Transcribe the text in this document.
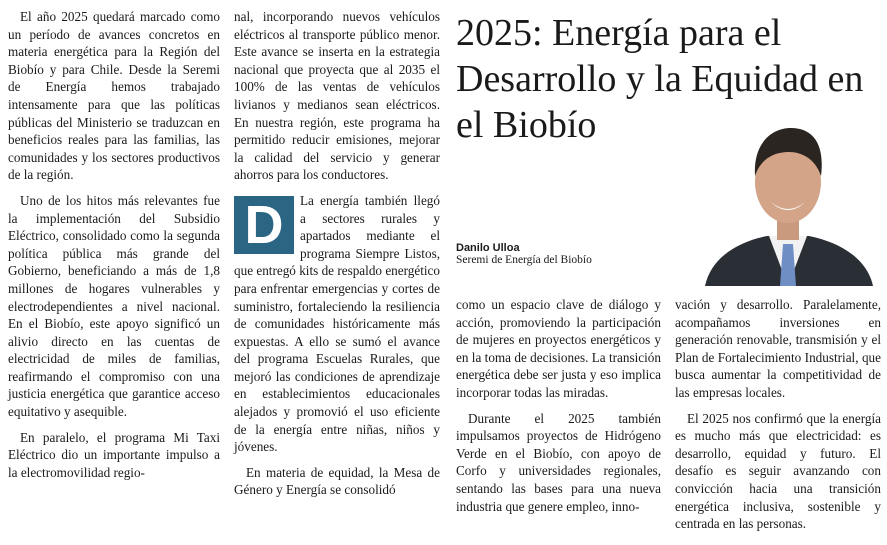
El año 2025 quedará marcado como un período de avances concretos en materia energética para la Región del Biobío y para Chile. Desde la Seremi de Energía hemos trabajado intensamente para que las políticas públicas del Ministerio se traduzcan en beneficios reales para las familias, las comunidades y los sectores productivos de la región.

Uno de los hitos más relevantes fue la implementación del Subsidio Eléctrico, consolidado como la segunda política pública más grande del Gobierno, beneficiando a más de 1,8 millones de hogares vulnerables y electrodependientes a nivel nacional. En el Biobío, este apoyo significó un alivio directo en las cuentas de electricidad de miles de familias, reafirmando el compromiso con una justicia energética que garantice acceso equitativo y asequible.

En paralelo, el programa Mi Taxi Eléctrico dio un importante impulso a la electromovilidad regio-

nal, incorporando nuevos vehículos eléctricos al transporte público menor. Este avance se inserta en la estrategia nacional que proyecta que al 2035 el 100% de las ventas de vehículos livianos y medianos sean eléctricos. En nuestra región, este programa ha permitido reducir emisiones, mejorar la calidad del servicio y generar ahorros para los conductores.

D	La energía también llegó a sectores rurales y apartados mediante el programa Siempre Listos, que entregó kits de respaldo energético para enfrentar emergencias y cortes de suministro, fortaleciendo la resiliencia de comunidades históricamente más expuestas. A ello se sumó el avance del programa Escuelas Rurales, que mejoró las condiciones de aprendizaje en establecimientos educacionales alejados y promovió el uso eficiente de la energía entre niñas, niños y jóvenes.

En materia de equidad, la Mesa de Género y Energía se consolidó

2025: Energía para el Desarrollo y la Equidad en el Biobío
Danilo Ulloa
Seremi de Energía del Biobío

como un espacio clave de diálogo y acción, promoviendo la participación de mujeres en proyectos energéticos y en la toma de decisiones. La transición energética debe ser justa y eso implica incorporar todas las miradas.

Durante el 2025 también impulsamos proyectos de Hidrógeno Verde en el Biobío, con apoyo de Corfo y universidades regionales, sentando las bases para una nueva industria que genere empleo, inno-

vación y desarrollo. Paralelamente, acompañamos inversiones en generación renovable, transmisión y el Plan de Fortalecimiento Industrial, que busca aumentar la competitividad de las empresas locales.

El 2025 nos confirmó que la energía es mucho más que electricidad: es desarrollo, equidad y futuro. El desafío es seguir avanzando con convicción hacia una transición energética inclusiva, sostenible y centrada en las personas.
